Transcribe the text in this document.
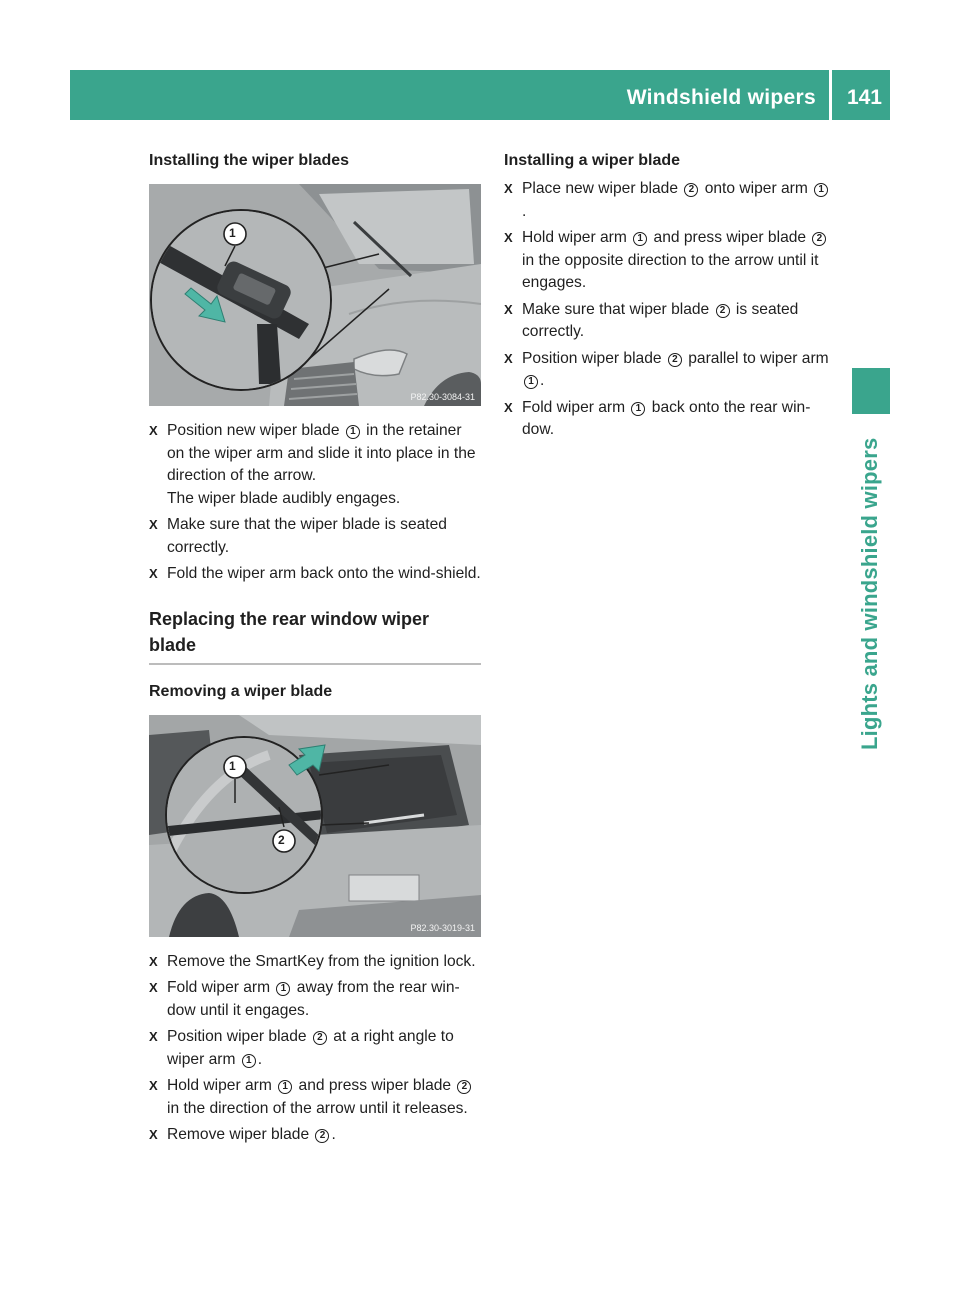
Windshield wipers 141
Lights and windshield wipers
Installing the wiper blades
1
P82.30-3084-31
X Position new wiper blade 1 in the retainer on the wiper arm and slide it into place in the direction of the arrow.
The wiper blade audibly engages.
X Make sure that the wiper blade is seated correctly.
X Fold the wiper arm back onto the wind-shield.
Replacing the rear window wiper blade
Removing a wiper blade
1
2
P82.30-3019-31
X Remove the SmartKey from the ignition lock.
X Fold wiper arm 1 away from the rear win-dow until it engages.
X Position wiper blade 2 at a right angle to wiper arm 1 .
X Hold wiper arm 1 and press wiper blade 2 in the direction of the arrow until it releases.
X Remove wiper blade 2 .
Installing a wiper blade
X Place new wiper blade 2 onto wiper arm 1.
X Hold wiper arm 1 and press wiper blade 2 in the opposite direction to the arrow until it engages.
X Make sure that wiper blade 2 is seated correctly.
X Position wiper blade 2 parallel to wiper arm 1 .
X Fold wiper arm 1 back onto the rear win-dow.
